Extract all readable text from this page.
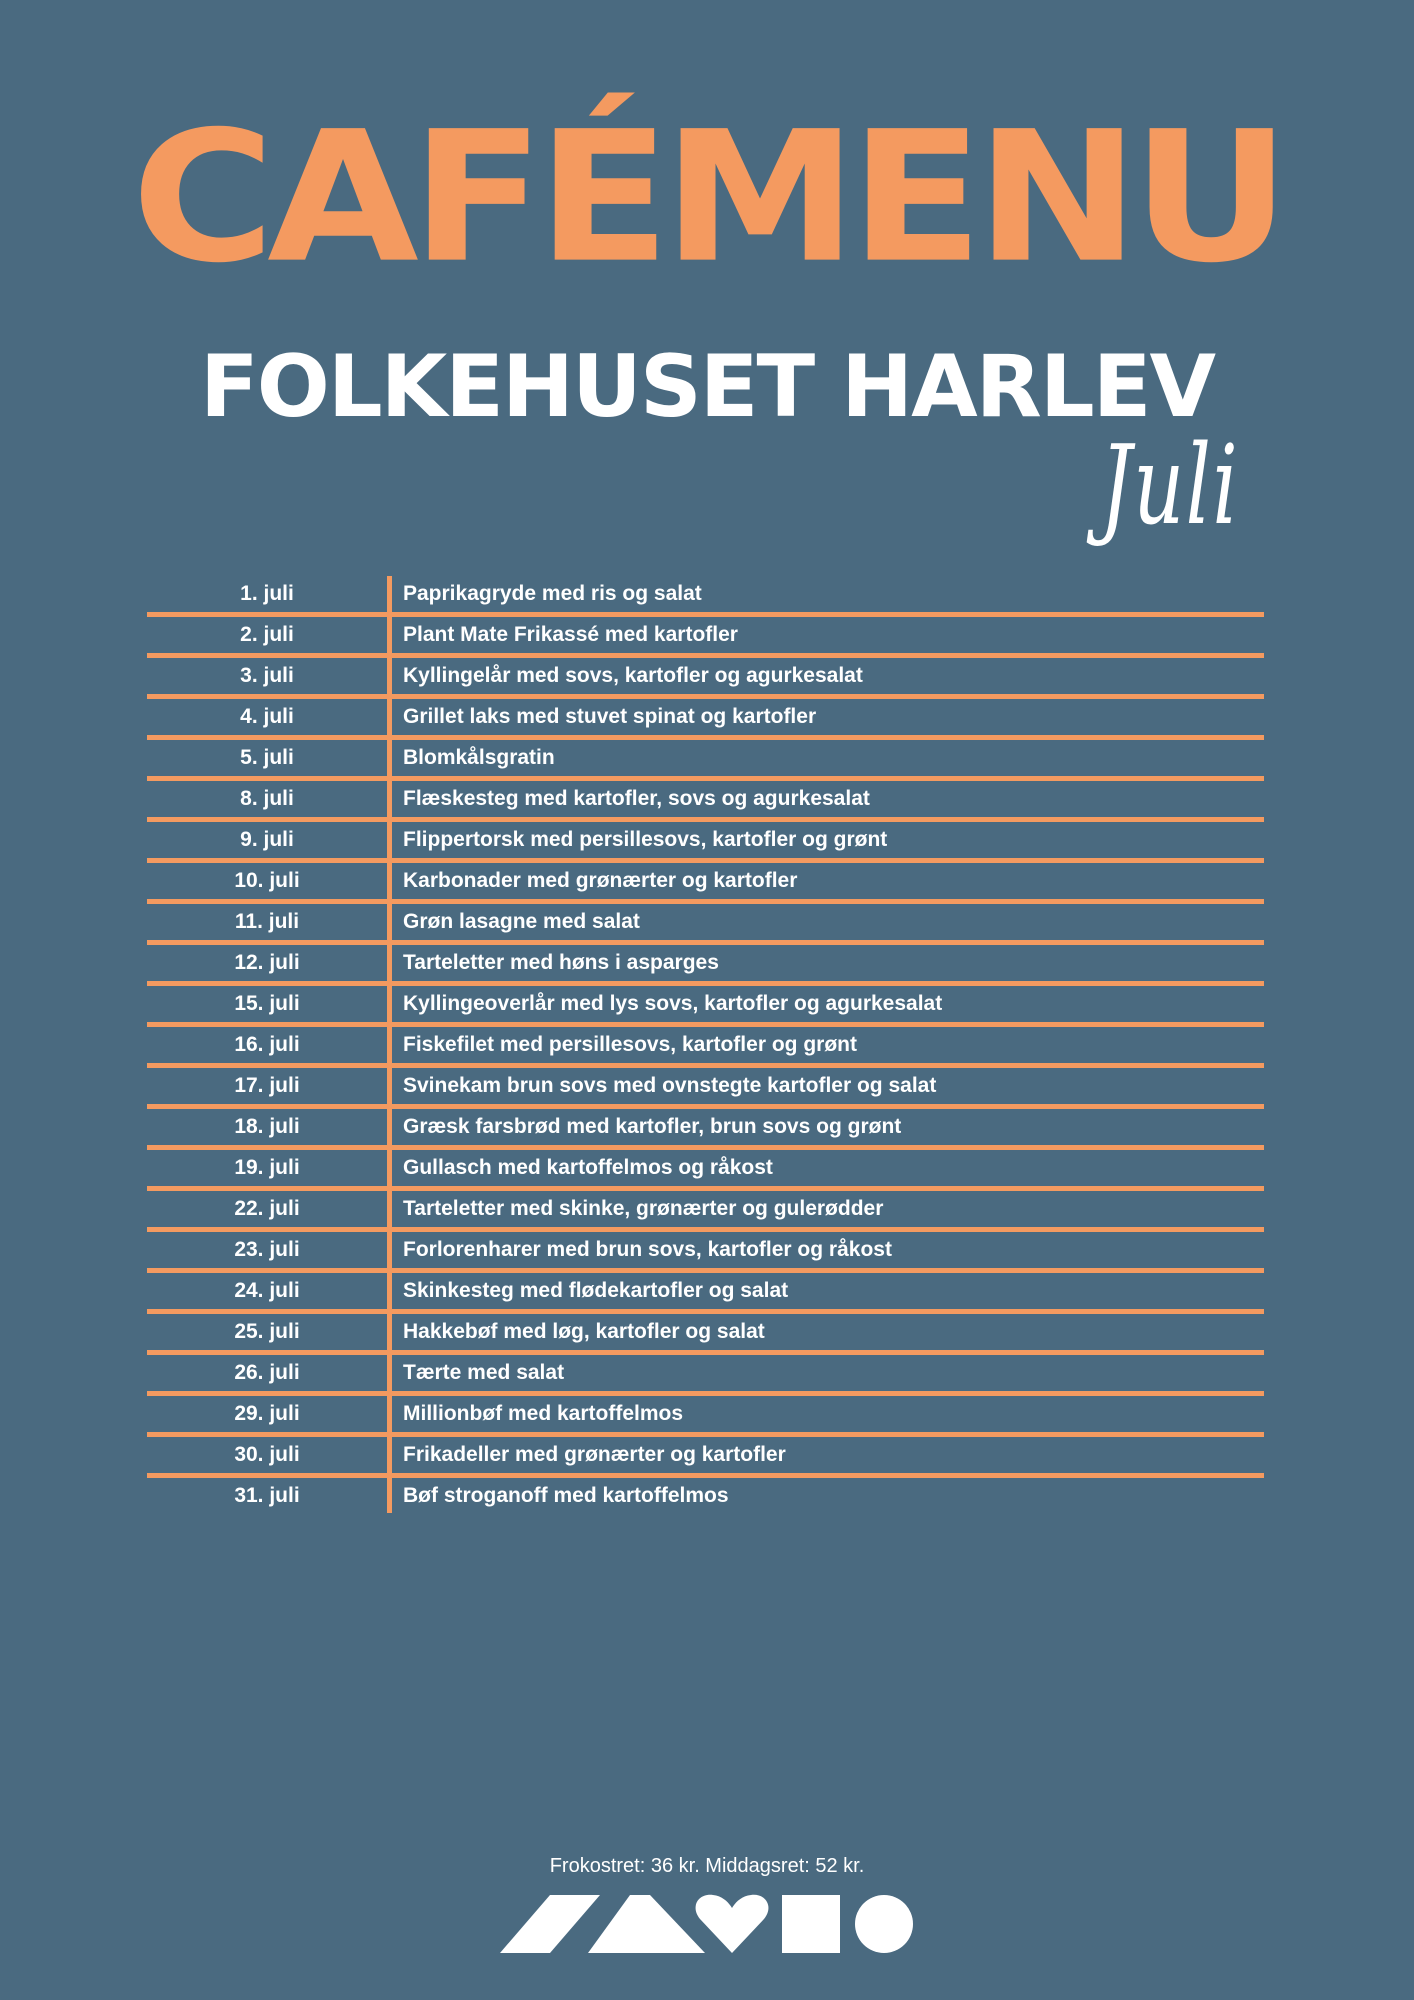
CAFÉMENU
FOLKEHUSET HARLEV
Juli
1. juli	Paprikagryde med ris og salat
2. juli	Plant Mate Frikassé med kartofler
3. juli	Kyllingelår med sovs, kartofler og agurkesalat
4. juli	Grillet laks med stuvet spinat og kartofler
5. juli	Blomkålsgratin
8. juli	Flæskesteg med kartofler, sovs og agurkesalat
9. juli	Flippertorsk med persillesovs, kartofler og grønt
10. juli	Karbonader med grønærter og kartofler
11. juli	Grøn lasagne med salat
12. juli	Tarteletter med høns i asparges
15. juli	Kyllingeoverlår med lys sovs, kartofler og agurkesalat
16. juli	Fiskefilet med persillesovs, kartofler og grønt
17. juli	Svinekam brun sovs med ovnstegte kartofler og salat
18. juli	Græsk farsbrød med kartofler, brun sovs og grønt
19. juli	Gullasch med kartoffelmos og råkost
22. juli	Tarteletter med skinke, grønærter og gulerødder
23. juli	Forlorenharer med brun sovs, kartofler og råkost
24. juli	Skinkesteg med flødekartofler og salat
25. juli	Hakkebøf med løg, kartofler og salat
26. juli	Tærte med salat
29. juli	Millionbøf med kartoffelmos
30. juli	Frikadeller med grønærter og kartofler
31. juli	Bøf stroganoff med kartoffelmos
Frokostret: 36 kr. Middagsret: 52 kr.
